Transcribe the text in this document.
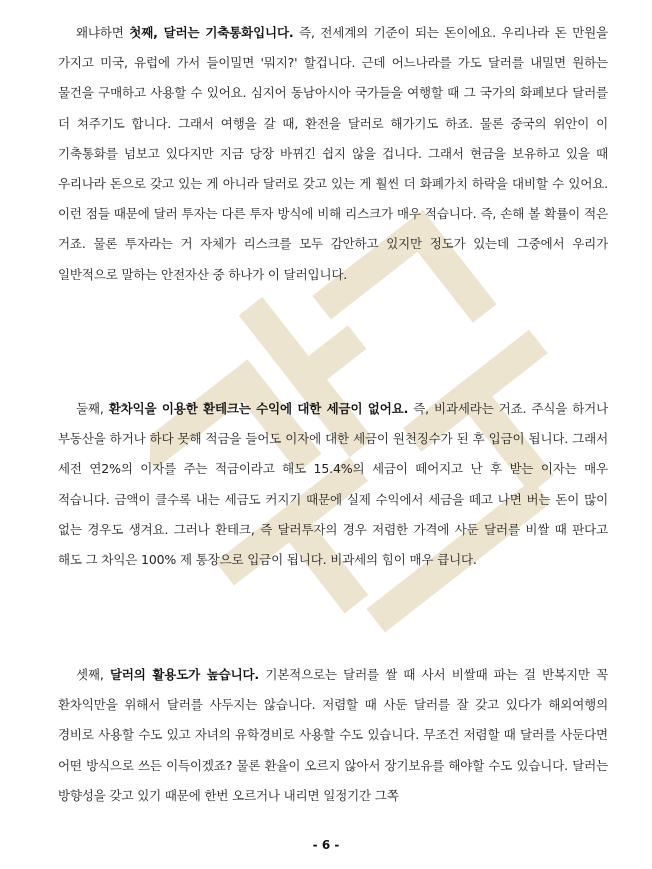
왜냐하면 첫째, 달러는 기축통화입니다. 즉, 전세계의 기준이 되는 돈이에요. 우리나라 돈 만원을 가지고 미국, 유럽에 가서 들이밀면 '뭐지?' 할겁니다. 근데 어느나라를 가도 달러를 내밀면 원하는 물건을 구매하고 사용할 수 있어요. 심지어 동남아시아 국가들을 여행할 때 그 국가의 화폐보다 달러를 더 쳐주기도 합니다. 그래서 여행을 갈 때, 환전을 달러로 해가기도 하죠. 물론 중국의 위안이 이 기축통화를 넘보고 있다지만 지금 당장 바뀌긴 쉽지 않을 겁니다. 그래서 현금을 보유하고 있을 때 우리나라 돈으로 갖고 있는 게 아니라 달러로 갖고 있는 게 훨씬 더 화폐가치 하락을 대비할 수 있어요. 이런 점들 때문에 달러 투자는 다른 투자 방식에 비해 리스크가 매우 적습니다. 즉, 손해 볼 확률이 적은 거죠. 물론 투자라는 거 자체가 리스크를 모두 감안하고 있지만 정도가 있는데 그중에서 우리가 일반적으로 말하는 안전자산 중 하나가 이 달러입니다.

둘째, 환차익을 이용한 환테크는 수익에 대한 세금이 없어요. 즉, 비과세라는 거죠. 주식을 하거나 부동산을 하거나 하다 못해 적금을 들어도 이자에 대한 세금이 원천징수가 된 후 입금이 됩니다. 그래서 세전 연2%의 이자를 주는 적금이라고 해도 15.4%의 세금이 떼어지고 난 후 받는 이자는 매우 적습니다. 금액이 클수록 내는 세금도 커지기 때문에 실제 수익에서 세금을 떼고 나면 버는 돈이 많이 없는 경우도 생겨요. 그러나 환테크, 즉 달러투자의 경우 저렴한 가격에 사둔 달러를 비쌀 때 판다고 해도 그 차익은 100% 제 통장으로 입금이 됩니다. 비과세의 힘이 매우 큽니다.

셋째, 달러의 활용도가 높습니다. 기본적으로는 달러를 쌀 때 사서 비쌀때 파는 걸 반복지만 꼭 환차익만을 위해서 달러를 사두지는 않습니다. 저렴할 때 사둔 달러를 잘 갖고 있다가 해외여행의 경비로 사용할 수도 있고 자녀의 유학경비로 사용할 수도 있습니다. 무조건 저렴할 때 달러를 사둔다면 어떤 방식으로 쓰든 이득이겠죠? 물론 환율이 오르지 않아서 장기보유를 해야할 수도 있습니다. 달러는 방향성을 갖고 있기 때문에 한번 오르거나 내리면 일정기간 그쪽

- 6 -
